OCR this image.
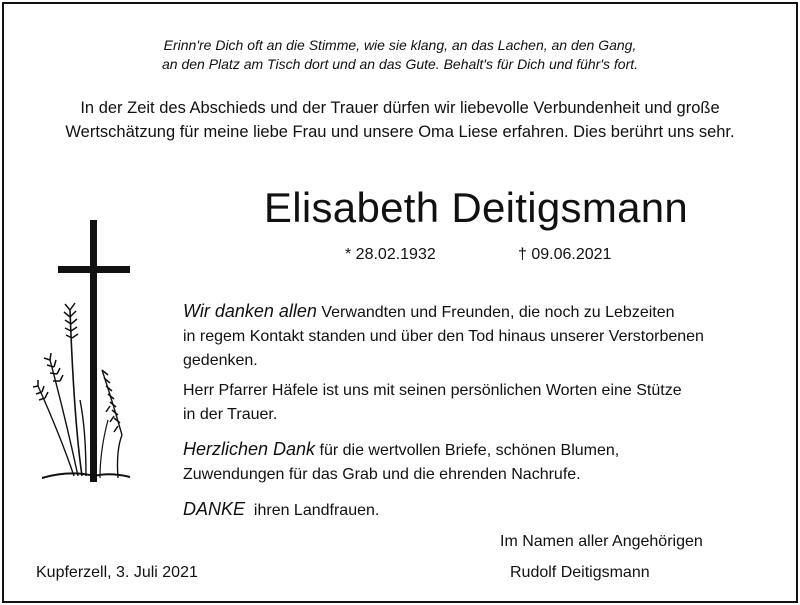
Erinn're Dich oft an die Stimme, wie sie klang, an das Lachen, an den Gang,
an den Platz am Tisch dort und an das Gute. Behalt's für Dich und führ's fort.
In der Zeit des Abschieds und der Trauer dürfen wir liebevolle Verbundenheit und große
Wertschätzung für meine liebe Frau und unsere Oma Liese erfahren. Dies berührt uns sehr.
Elisabeth Deitigsmann
* 28.02.1932	† 09.06.2021
Wir danken allen Verwandten und Freunden, die noch zu Lebzeiten
in regem Kontakt standen und über den Tod hinaus unserer Verstorbenen
gedenken.
Herr Pfarrer Häfele ist uns mit seinen persönlichen Worten eine Stütze
in der Trauer.
Herzlichen Dank für die wertvollen Briefe, schönen Blumen,
Zuwendungen für das Grab und die ehrenden Nachrufe.
DANKE  ihren Landfrauen.
Im Namen aller Angehörigen
Rudolf Deitigsmann
Kupferzell, 3. Juli 2021
